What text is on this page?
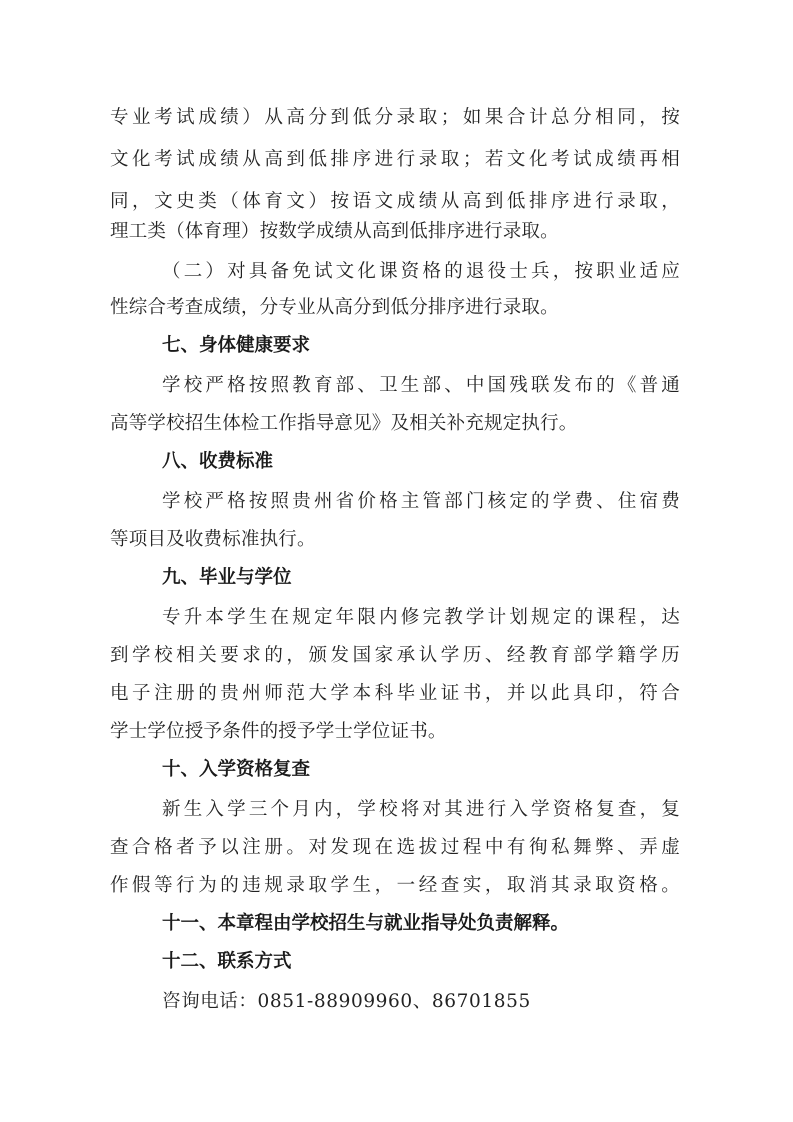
专业考试成绩）从高分到低分录取；如果合计总分相同，按
文化考试成绩从高到低排序进行录取；若文化考试成绩再相
同，文史类（体育文）按语文成绩从高到低排序进行录取，
理工类（体育理）按数学成绩从高到低排序进行录取。
（二）对具备免试文化课资格的退役士兵，按职业适应
性综合考查成绩，分专业从高分到低分排序进行录取。
七、身体健康要求
学校严格按照教育部、卫生部、中国残联发布的《普通
高等学校招生体检工作指导意见》及相关补充规定执行。
八、收费标准
学校严格按照贵州省价格主管部门核定的学费、住宿费
等项目及收费标准执行。
九、毕业与学位
专升本学生在规定年限内修完教学计划规定的课程，达
到学校相关要求的，颁发国家承认学历、经教育部学籍学历
电子注册的贵州师范大学本科毕业证书，并以此具印，符合
学士学位授予条件的授予学士学位证书。
十、入学资格复查
新生入学三个月内，学校将对其进行入学资格复查，复
查合格者予以注册。对发现在选拔过程中有徇私舞弊、弄虚
作假等行为的违规录取学生，一经查实，取消其录取资格。
十一、本章程由学校招生与就业指导处负责解释。
十二、联系方式
咨询电话：0851-88909960、86701855
